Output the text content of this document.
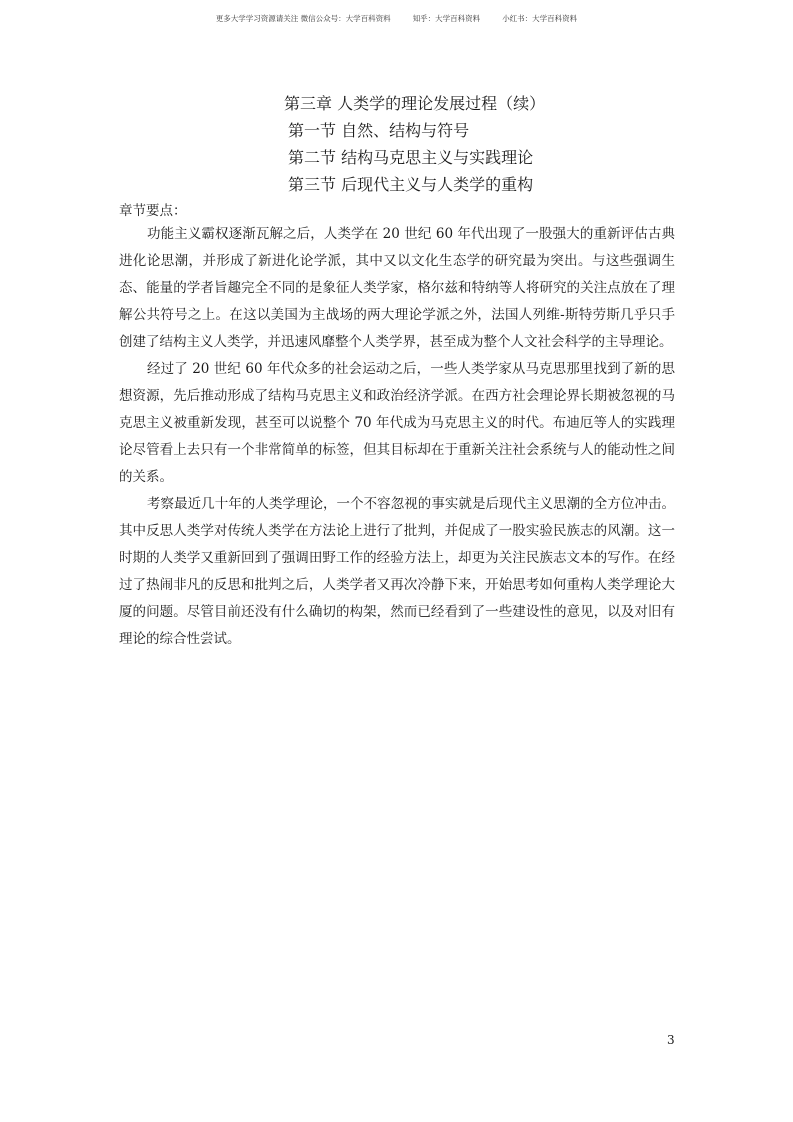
更多大学学习资源请关注 微信公众号：大学百科资料	知乎：大学百科资料	小红书：大学百科资料
第三章 人类学的理论发展过程（续）
第一节 自然、结构与符号
第二节 结构马克思主义与实践理论
第三节 后现代主义与人类学的重构
章节要点：

功能主义霸权逐渐瓦解之后，人类学在 20 世纪 60 年代出现了一股强大的重新评估古典进化论思潮，并形成了新进化论学派，其中又以文化生态学的研究最为突出。与这些强调生态、能量的学者旨趣完全不同的是象征人类学家，格尔兹和特纳等人将研究的关注点放在了理解公共符号之上。在这以美国为主战场的两大理论学派之外，法国人列维-斯特劳斯几乎只手创建了结构主义人类学，并迅速风靡整个人类学界，甚至成为整个人文社会科学的主导理论。

经过了 20 世纪 60 年代众多的社会运动之后，一些人类学家从马克思那里找到了新的思想资源，先后推动形成了结构马克思主义和政治经济学派。在西方社会理论界长期被忽视的马克思主义被重新发现，甚至可以说整个 70 年代成为马克思主义的时代。布迪厄等人的实践理论尽管看上去只有一个非常简单的标签，但其目标却在于重新关注社会系统与人的能动性之间的关系。

考察最近几十年的人类学理论，一个不容忽视的事实就是后现代主义思潮的全方位冲击。其中反思人类学对传统人类学在方法论上进行了批判，并促成了一股实验民族志的风潮。这一时期的人类学又重新回到了强调田野工作的经验方法上，却更为关注民族志文本的写作。在经过了热闹非凡的反思和批判之后，人类学者又再次冷静下来，开始思考如何重构人类学理论大厦的问题。尽管目前还没有什么确切的构架，然而已经看到了一些建设性的意见，以及对旧有理论的综合性尝试。

3
